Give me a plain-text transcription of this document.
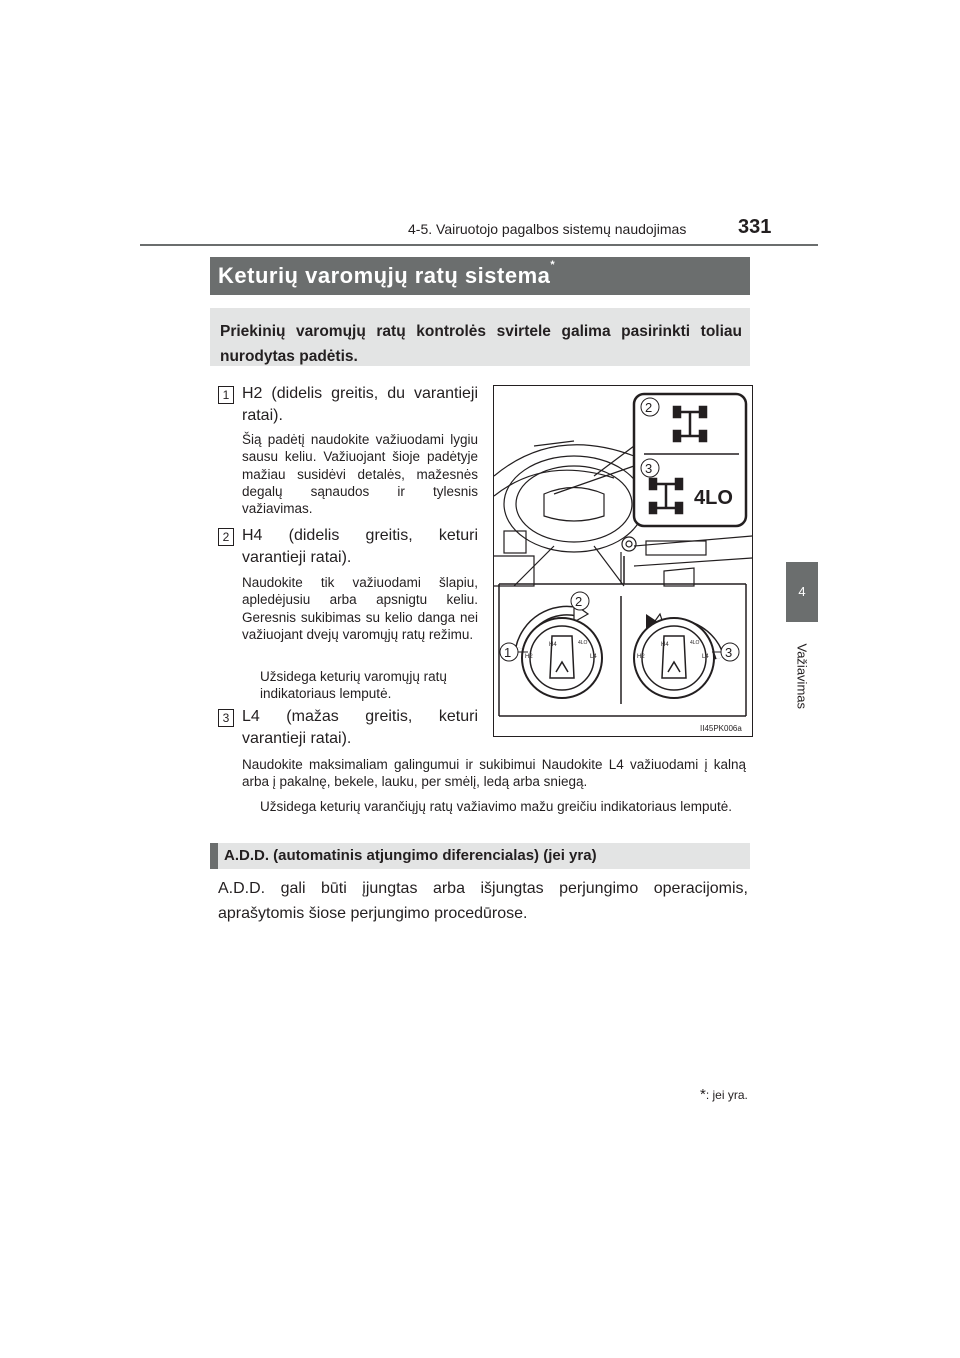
4-5. Vairuotojo pagalbos sistemų naudojimas	331
4
Važiavimas
Keturių varomųjų ratų sistema*

Priekinių varomųjų ratų kontrolės svirtele galima pasirinkti toliau nurodytas padėtis.

1 H2 (didelis greitis, du varantieji ratai).
Šią padėtį naudokite važiuodami lygiu sausu keliu. Važiuojant šioje padėtyje mažiau susidėvi detalės, mažesnės degalų sąnaudos ir tylesnis važiavimas.
2 H4 (didelis greitis, keturi varantieji ratai).
Naudokite tik važiuodami šlapiu, apledėjusiu arba apsnigtu keliu. Geresnis sukibimas su kelio danga nei važiuojant dvejų varomųjų ratų režimu.
Užsidega keturių varomųjų ratų indikatoriaus lemputė.
3 L4 (mažas greitis, keturi varantieji ratai).
Naudokite maksimaliam galingumui ir sukibimui Naudokite L4 važiuodami į kalną arba į pakalnę, bekele, lauku, per smėlį, ledą arba sniegą.
Užsidega keturių varančiųjų ratų važiavimo mažu greičiu indikatoriaus lemputė.
4LO
2
3
H4
H2
4LO
L4
H4
H2
4LO
L4
2
1	3
II45PK006a
A.D.D. (automatinis atjungimo diferencialas) (jei yra)
A.D.D. gali būti įjungtas arba išjungtas perjungimo operacijomis, aprašytomis šiose perjungimo procedūrose.
*: jei yra.
